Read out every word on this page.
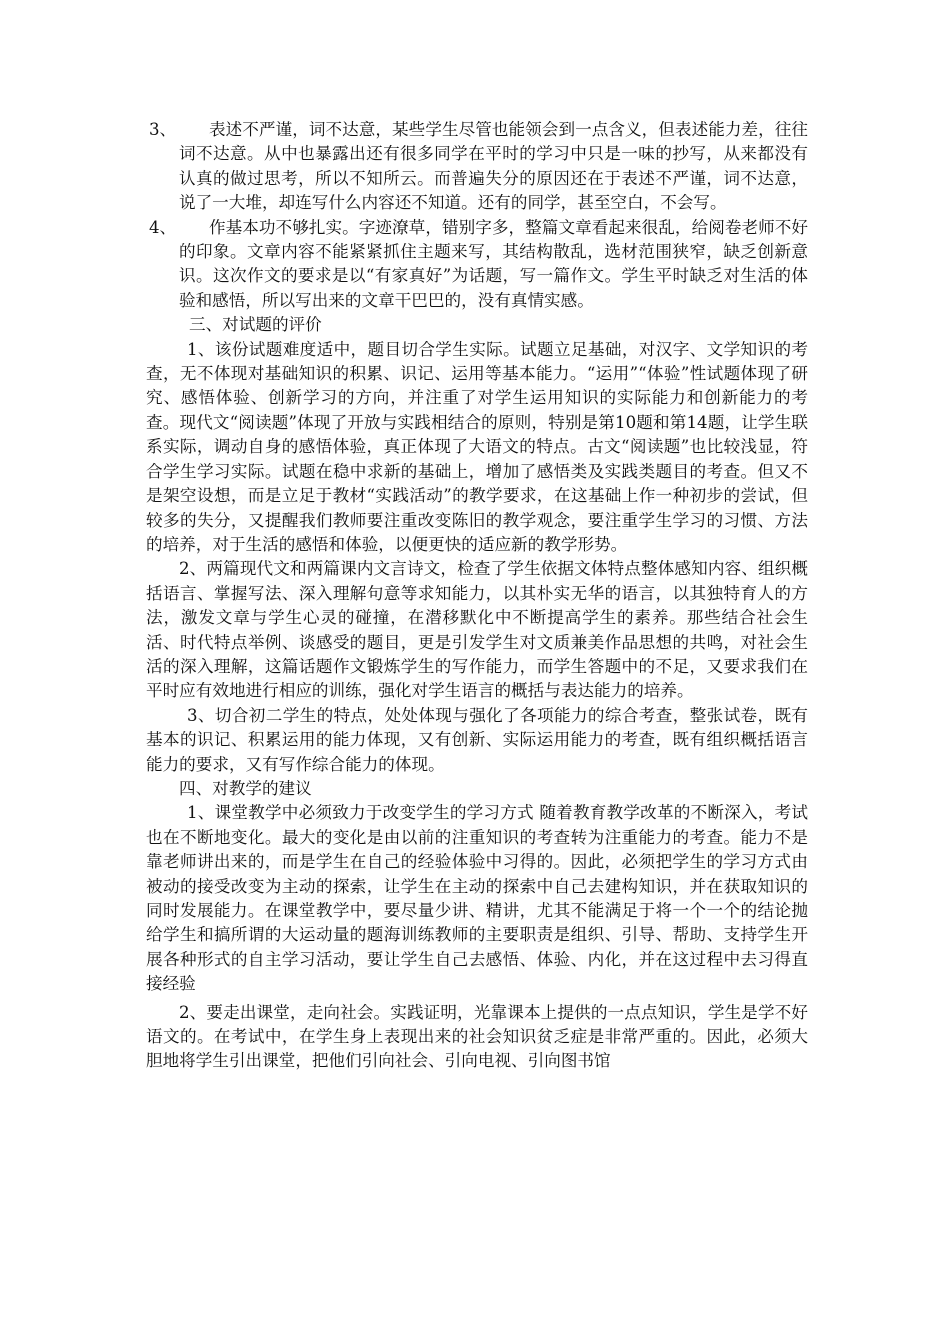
3、	表述不严谨，词不达意，某些学生尽管也能领会到一点含义，但表述能力差，往往词不达意。从中也暴露出还有很多同学在平时的学习中只是一味的抄写，从来都没有认真的做过思考，所以不知所云。而普遍失分的原因还在于表述不严谨，词不达意，说了一大堆，却连写什么内容还不知道。还有的同学，甚至空白，不会写。
4、	作基本功不够扎实。字迹潦草，错别字多，整篇文章看起来很乱，给阅卷老师不好的印象。文章内容不能紧紧抓住主题来写，其结构散乱，选材范围狭窄，缺乏创新意识。这次作文的要求是以“有家真好”为话题，写一篇作文。学生平时缺乏对生活的体验和感悟，所以写出来的文章干巴巴的，没有真情实感。

三、对试题的评价

1、该份试题难度适中，题目切合学生实际。试题立足基础，对汉字、文学知识的考查，无不体现对基础知识的积累、识记、运用等基本能力。“运用”“体验”性试题体现了研究、感悟体验、创新学习的方向，并注重了对学生运用知识的实际能力和创新能力的考查。现代文“阅读题”体现了开放与实践相结合的原则，特别是第10题和第14题，让学生联系实际，调动自身的感悟体验，真正体现了大语文的特点。古文“阅读题”也比较浅显，符合学生学习实际。试题在稳中求新的基础上，增加了感悟类及实践类题目的考查。但又不是架空设想，而是立足于教材“实践活动”的教学要求，在这基础上作一种初步的尝试，但较多的失分，又提醒我们教师要注重改变陈旧的教学观念，要注重学生学习的习惯、方法的培养，对于生活的感悟和体验，以便更快的适应新的教学形势。

2、两篇现代文和两篇课内文言诗文，检查了学生依据文体特点整体感知内容、组织概括语言、掌握写法、深入理解句意等求知能力，以其朴实无华的语言，以其独特育人的方法，激发文章与学生心灵的碰撞，在潜移默化中不断提高学生的素养。那些结合社会生活、时代特点举例、谈感受的题目，更是引发学生对文质兼美作品思想的共鸣，对社会生活的深入理解，这篇话题作文锻炼学生的写作能力，而学生答题中的不足，又要求我们在平时应有效地进行相应的训练，强化对学生语言的概括与表达能力的培养。

3、切合初二学生的特点，处处体现与强化了各项能力的综合考查，整张试卷，既有基本的识记、积累运用的能力体现，又有创新、实际运用能力的考查，既有组织概括语言能力的要求，又有写作综合能力的体现。

四、对教学的建议

1、课堂教学中必须致力于改变学生的学习方式 随着教育教学改革的不断深入，考试也在不断地变化。最大的变化是由以前的注重知识的考查转为注重能力的考查。能力不是靠老师讲出来的，而是学生在自己的经验体验中习得的。因此，必须把学生的学习方式由被动的接受改变为主动的探索，让学生在主动的探索中自己去建构知识，并在获取知识的同时发展能力。在课堂教学中，要尽量少讲、精讲，尤其不能满足于将一个一个的结论抛给学生和搞所谓的大运动量的题海训练教师的主要职责是组织、引导、帮助、支持学生开展各种形式的自主学习活动，要让学生自己去感悟、体验、内化，并在这过程中去习得直接经验

2、要走出课堂，走向社会。实践证明，光靠课本上提供的一点点知识，学生是学不好语文的。在考试中，在学生身上表现出来的社会知识贫乏症是非常严重的。因此，必须大胆地将学生引出课堂，把他们引向社会、引向电视、引向图书馆
